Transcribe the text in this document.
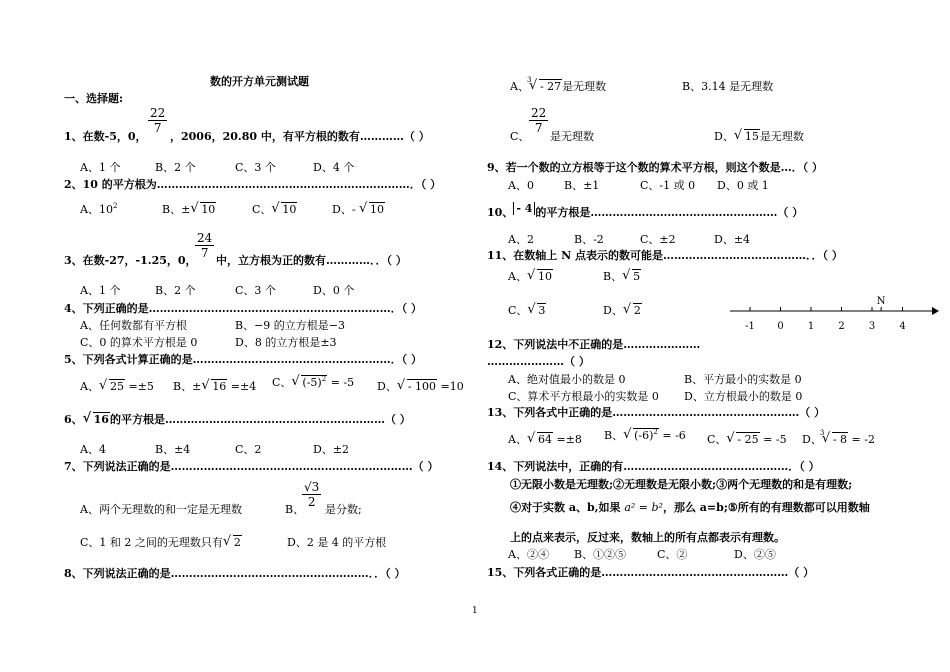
数的开方单元测试题
一、选择题:
$\frac{22}{7}$
1、在数-5，0， ，2006，20.80 中，有平方根的数有…………（ ）
A、1 个	B、2 个	C、3 个	D、4 个
2、10 的平方根为……………………………………………………………．（ ）
A、$10^2$	B、± √ 10	C、 √ 10	D、- √ 10
$\frac{24}{7}$
3、在数-27，-1.25，0， 中，立方根为正的数有…………．．（ ）
A、1 个	B、2 个	C、3 个	D、0 个
4、下列正确的是…………………………………………………………．（ ）
A、任何数都有平方根	B、−9 的立方根是−3
C、0 的算术平方根是 0	D、8 的立方根是±3
5、下列各式计算正确的是………………………………………………．（ ）
A、 √ 25 =±5 B、± √ 16 =±4 C、 √ $(-5)^2 = -5$ D、 √ - 100 =10
6、 √ 16的平方根是……………………………………………………（ ）
A、4	B、±4	C、2	D、±2
7、下列说法正确的是…………………………………………………………（ ）
$\frac{√3}{2}$
A、两个无理数的和一定是无理数	B、 是分数;
C、1 和 2 之间的无理数只有 √ 2	D、2 是 4 的平方根
8、下列说法正确的是………………………………………………．．（ ）
A、
√ 3 - 27是无理数	B、3.14 是无理数
$\frac{22}{7}$
C、 是无理数	D、 √ 15是无理数
9、若一个数的立方根等于这个数的算术平方根，则这个数是…．（ ）
A、0	B、±1	C、-1 或 0 D、0 或 1
10、 - 4 的平方根是……………………………………………（ ）
A、2	B、-2	C、±2	D、±4
11、在数轴上 N 点表示的数可能是…………………………………．．（ ）
A、 √ 10	B、 √ 5
C、 √ 3	D、 √ 2
-1 0 1 2 3 4
N
12、下列说法中不正确的是…………………
…………………（ ）
A、绝对值最小的数是 0	B、平方最小的实数是 0
C、算术平方根最小的实数是 0 D、立方根最小的数是 0
13、下列各式中正确的是……………………………………………（ ）
A、 √ 64 =±8 B、 √ $(-6)^2 = -6$ C、 √ - 25 = -5 D、
√ 3 - 8 = -2
14、下列说法中，正确的有………………………………………．（ ）
①无限小数是无理数;②无理数是无限小数;③两个无理数的和是有理数;
④对于实数 a、b,如果 a² = b²，那么 a=b;⑤所有的有理数都可以用数轴
上的点来表示，反过来，数轴上的所有点都表示有理数。
A、②④ B、①②⑤	C、②	D、②⑤
15、下列各式正确的是……………………………………………（ ）
1
